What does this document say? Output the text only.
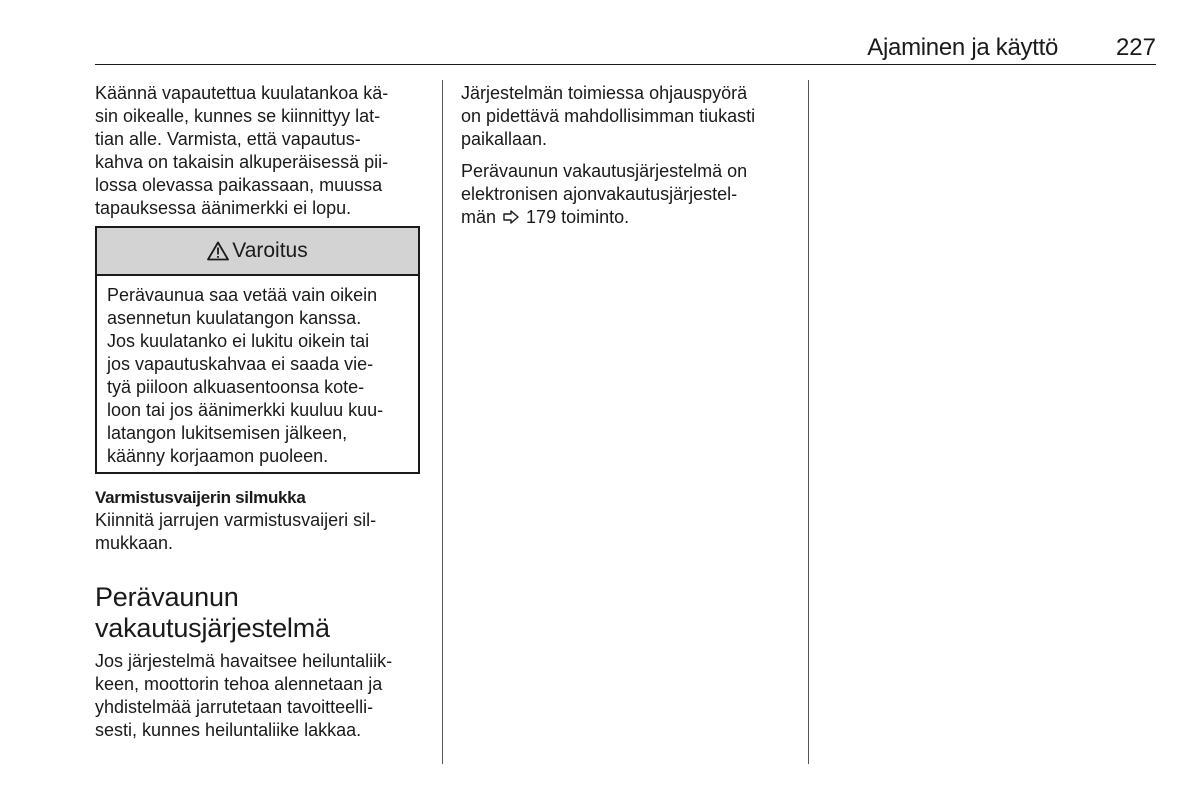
Ajaminen ja käyttö	227
Käännä vapautettua kuulatankoa kä-
sin oikealle, kunnes se kiinnittyy lat-
tian alle. Varmista, että vapautus-
kahva on takaisin alkuperäisessä pii-
lossa olevassa paikassaan, muussa
tapauksessa äänimerkki ei lopu.
Varoitus
Perävaunua saa vetää vain oikein
asennetun kuulatangon kanssa.
Jos kuulatanko ei lukitu oikein tai
jos vapautuskahvaa ei saada vie-
tyä piiloon alkuasentoonsa kote-
loon tai jos äänimerkki kuuluu kuu-
latangon lukitsemisen jälkeen,
käänny korjaamon puoleen.
Varmistusvaijerin silmukka
Kiinnitä jarrujen varmistusvaijeri sil-
mukkaan.
Perävaunun
vakautusjärjestelmä
Jos järjestelmä havaitsee heiluntaliik-
keen, moottorin tehoa alennetaan ja
yhdistelmää jarrutetaan tavoitteelli-
sesti, kunnes heiluntaliike lakkaa.
Järjestelmän toimiessa ohjauspyörä
on pidettävä mahdollisimman tiukasti
paikallaan.
Perävaunun vakautusjärjestelmä on
elektronisen ajonvakautusjärjestel-
män 179 toiminto.
